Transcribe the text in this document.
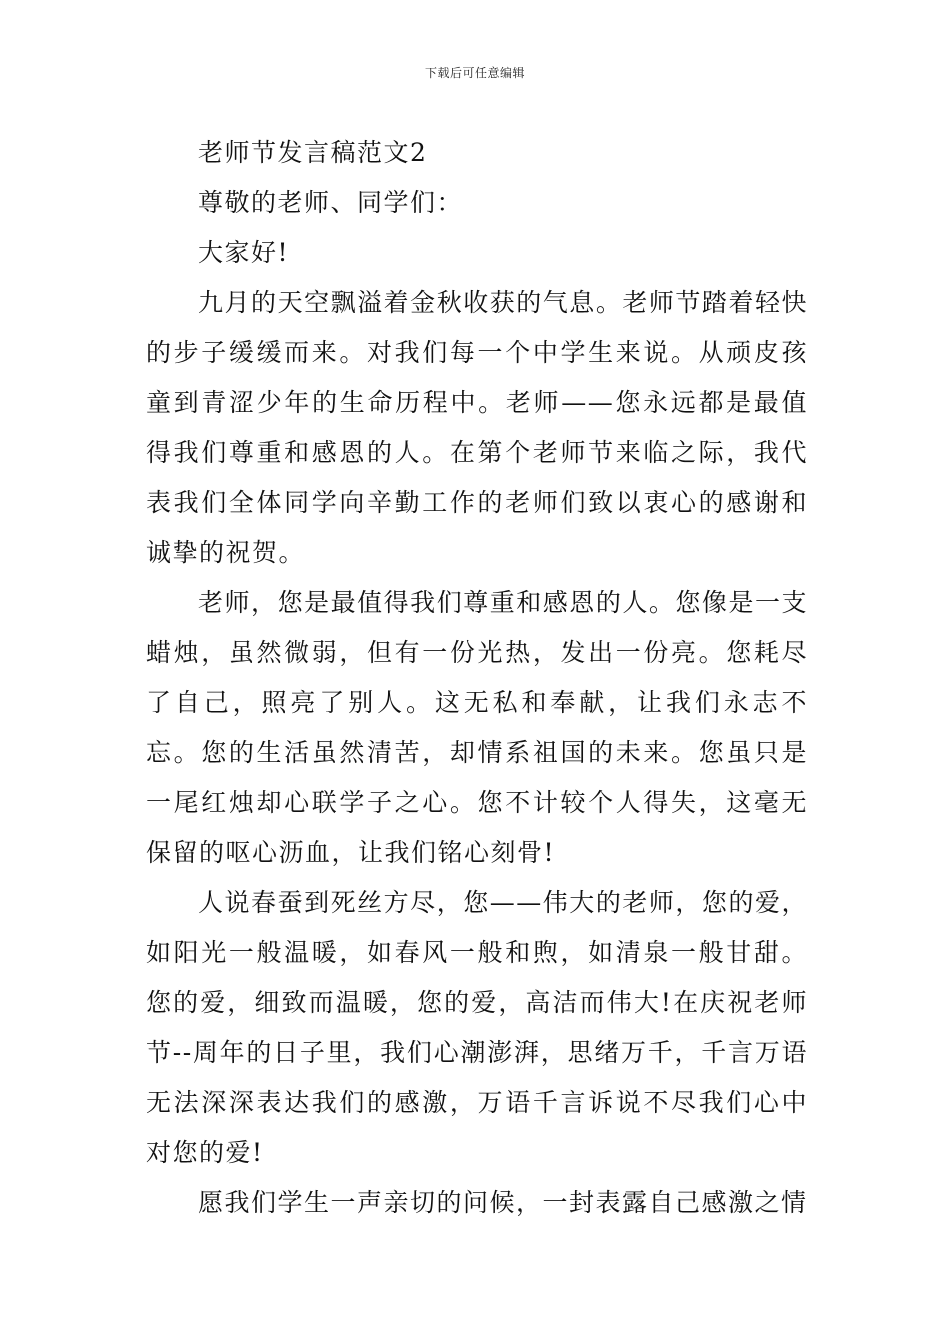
下载后可任意编辑

老师节发言稿范文2

尊敬的老师、同学们：

大家好!

九月的天空飘溢着金秋收获的气息。老师节踏着轻快的步子缓缓而来。对我们每一个中学生来说。从顽皮孩童到青涩少年的生命历程中。老师——您永远都是最值得我们尊重和感恩的人。在第个老师节来临之际，我代表我们全体同学向辛勤工作的老师们致以衷心的感谢和诚挚的祝贺。

老师，您是最值得我们尊重和感恩的人。您像是一支蜡烛，虽然微弱，但有一份光热，发出一份亮。您耗尽了自己，照亮了别人。这无私和奉献，让我们永志不忘。您的生活虽然清苦，却情系祖国的未来。您虽只是一尾红烛却心联学子之心。您不计较个人得失，这毫无保留的呕心沥血，让我们铭心刻骨!

人说春蚕到死丝方尽，您——伟大的老师，您的爱，如阳光一般温暖，如春风一般和煦，如清泉一般甘甜。您的爱，细致而温暖，您的爱，高洁而伟大!在庆祝老师节--周年的日子里，我们心潮澎湃，思绪万千，千言万语无法深深表达我们的感激，万语千言诉说不尽我们心中对您的爱!

愿我们学生一声亲切的问候，一封表露自己感激之情
